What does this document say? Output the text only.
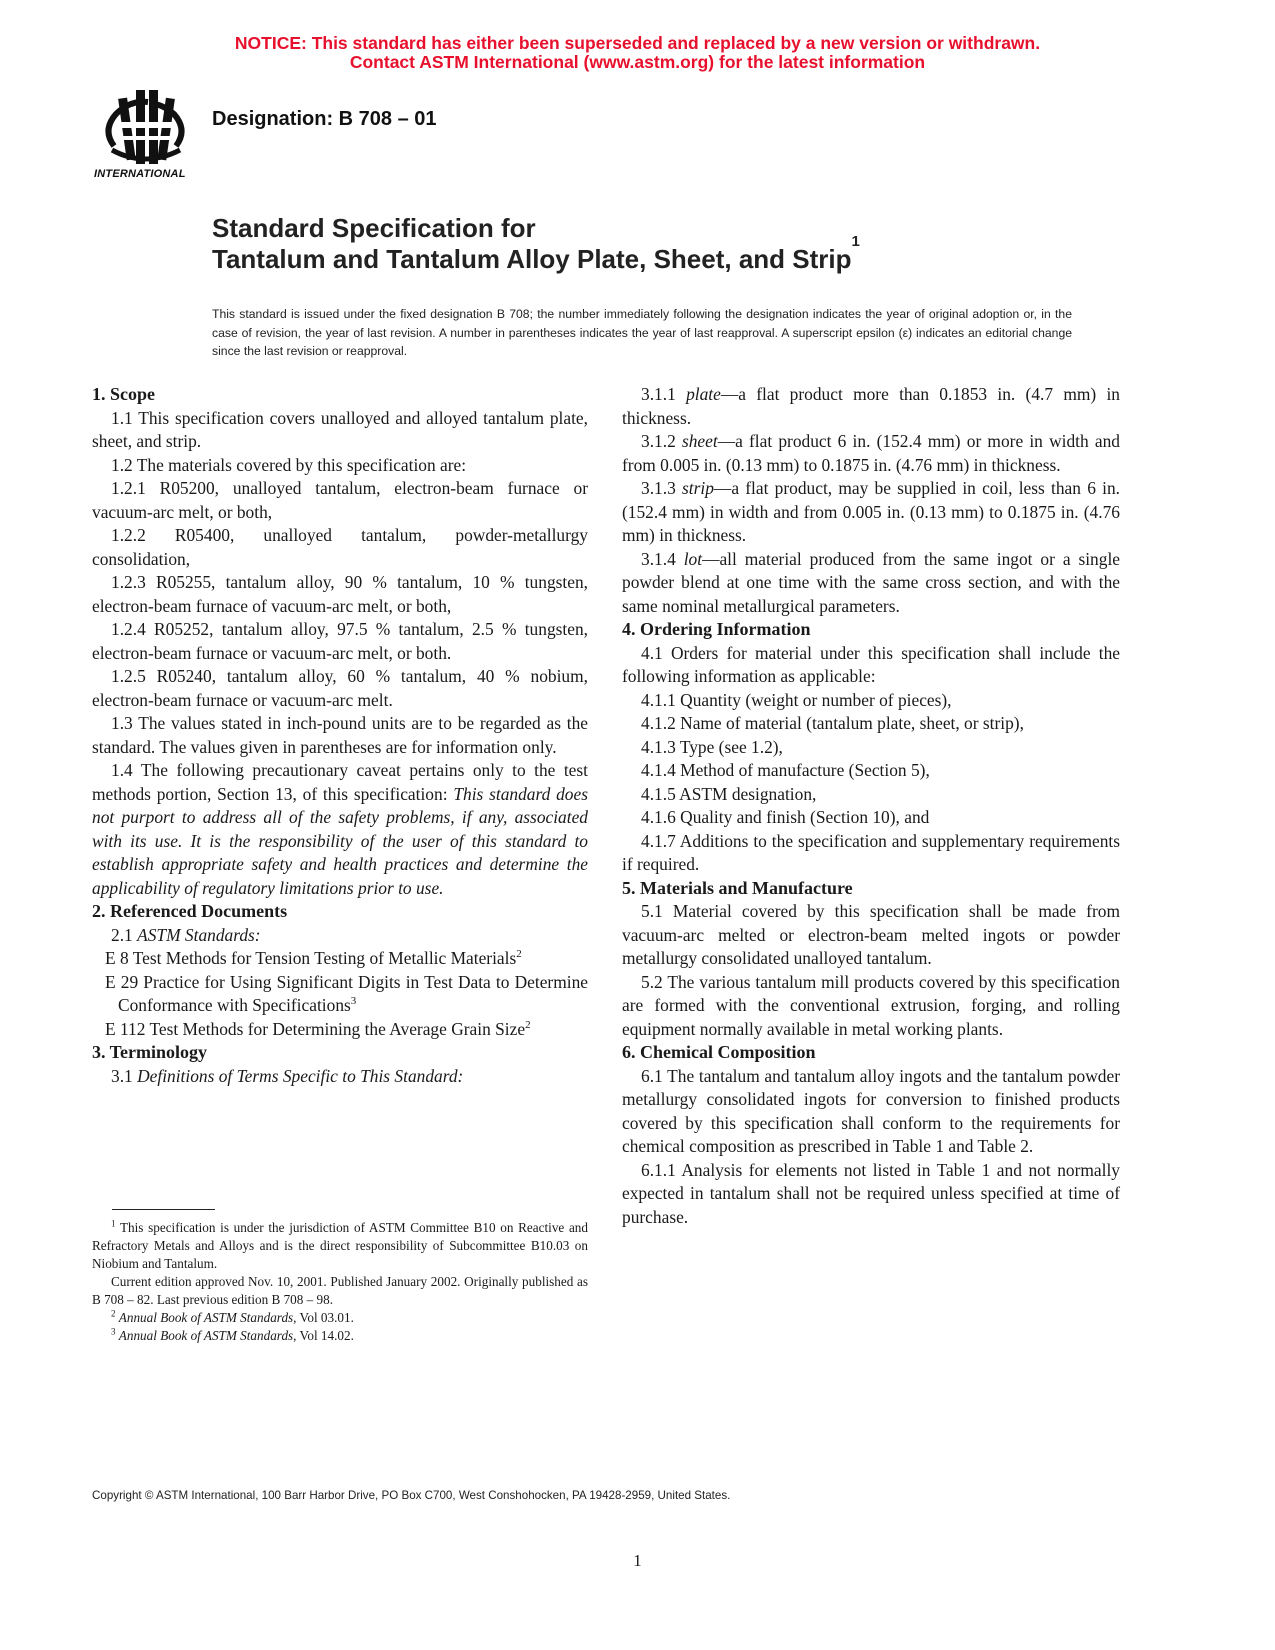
NOTICE: This standard has either been superseded and replaced by a new version or withdrawn.
Contact ASTM International (www.astm.org) for the latest information
INTERNATIONAL
Designation: B 708 – 01
Standard Specification for
Tantalum and Tantalum Alloy Plate, Sheet, and Strip$^1$
This standard is issued under the fixed designation B 708; the number immediately following the designation indicates the year of original adoption or, in the case of revision, the year of last revision. A number in parentheses indicates the year of last reapproval. A superscript epsilon (ε) indicates an editorial change since the last revision or reapproval.

1. Scope

1.1 This specification covers unalloyed and alloyed tantalum plate, sheet, and strip.

1.2 The materials covered by this specification are:

1.2.1 R05200, unalloyed tantalum, electron-beam furnace or vacuum-arc melt, or both,

1.2.2 R05400, unalloyed tantalum, powder-metallurgy consolidation,

1.2.3 R05255, tantalum alloy, 90 % tantalum, 10 % tungsten, electron-beam furnace of vacuum-arc melt, or both,

1.2.4 R05252, tantalum alloy, 97.5 % tantalum, 2.5 % tungsten, electron-beam furnace or vacuum-arc melt, or both.

1.2.5 R05240, tantalum alloy, 60 % tantalum, 40 % nobium, electron-beam furnace or vacuum-arc melt.

1.3 The values stated in inch-pound units are to be regarded as the standard. The values given in parentheses are for information only.

1.4 The following precautionary caveat pertains only to the test methods portion, Section 13, of this specification: This standard does not purport to address all of the safety problems, if any, associated with its use. It is the responsibility of the user of this standard to establish appropriate safety and health practices and determine the applicability of regulatory limitations prior to use.

2. Referenced Documents

2.1 ASTM Standards:

E 8 Test Methods for Tension Testing of Metallic Materials$^2$

E 29 Practice for Using Significant Digits in Test Data to Determine Conformance with Specifications$^3$

E 112 Test Methods for Determining the Average Grain Size$^2$

3. Terminology

3.1 Definitions of Terms Specific to This Standard:

$^1$ This specification is under the jurisdiction of ASTM Committee B10 on Reactive and Refractory Metals and Alloys and is the direct responsibility of Subcommittee B10.03 on Niobium and Tantalum.

Current edition approved Nov. 10, 2001. Published January 2002. Originally published as B 708 – 82. Last previous edition B 708 – 98.

$^2$ Annual Book of ASTM Standards, Vol 03.01.

$^3$ Annual Book of ASTM Standards, Vol 14.02.

3.1.1 plate—a flat product more than 0.1853 in. (4.7 mm) in thickness.

3.1.2 sheet—a flat product 6 in. (152.4 mm) or more in width and from 0.005 in. (0.13 mm) to 0.1875 in. (4.76 mm) in thickness.

3.1.3 strip—a flat product, may be supplied in coil, less than 6 in. (152.4 mm) in width and from 0.005 in. (0.13 mm) to 0.1875 in. (4.76 mm) in thickness.

3.1.4 lot—all material produced from the same ingot or a single powder blend at one time with the same cross section, and with the same nominal metallurgical parameters.

4. Ordering Information

4.1 Orders for material under this specification shall include the following information as applicable:

4.1.1 Quantity (weight or number of pieces),

4.1.2 Name of material (tantalum plate, sheet, or strip),

4.1.3 Type (see 1.2),

4.1.4 Method of manufacture (Section 5),

4.1.5 ASTM designation,

4.1.6 Quality and finish (Section 10), and

4.1.7 Additions to the specification and supplementary requirements if required.

5. Materials and Manufacture

5.1 Material covered by this specification shall be made from vacuum-arc melted or electron-beam melted ingots or powder metallurgy consolidated unalloyed tantalum.

5.2 The various tantalum mill products covered by this specification are formed with the conventional extrusion, forging, and rolling equipment normally available in metal working plants.

6. Chemical Composition

6.1 The tantalum and tantalum alloy ingots and the tantalum powder metallurgy consolidated ingots for conversion to finished products covered by this specification shall conform to the requirements for chemical composition as prescribed in Table 1 and Table 2.

6.1.1 Analysis for elements not listed in Table 1 and not normally expected in tantalum shall not be required unless specified at time of purchase.

Copyright © ASTM International, 100 Barr Harbor Drive, PO Box C700, West Conshohocken, PA 19428-2959, United States.
1
